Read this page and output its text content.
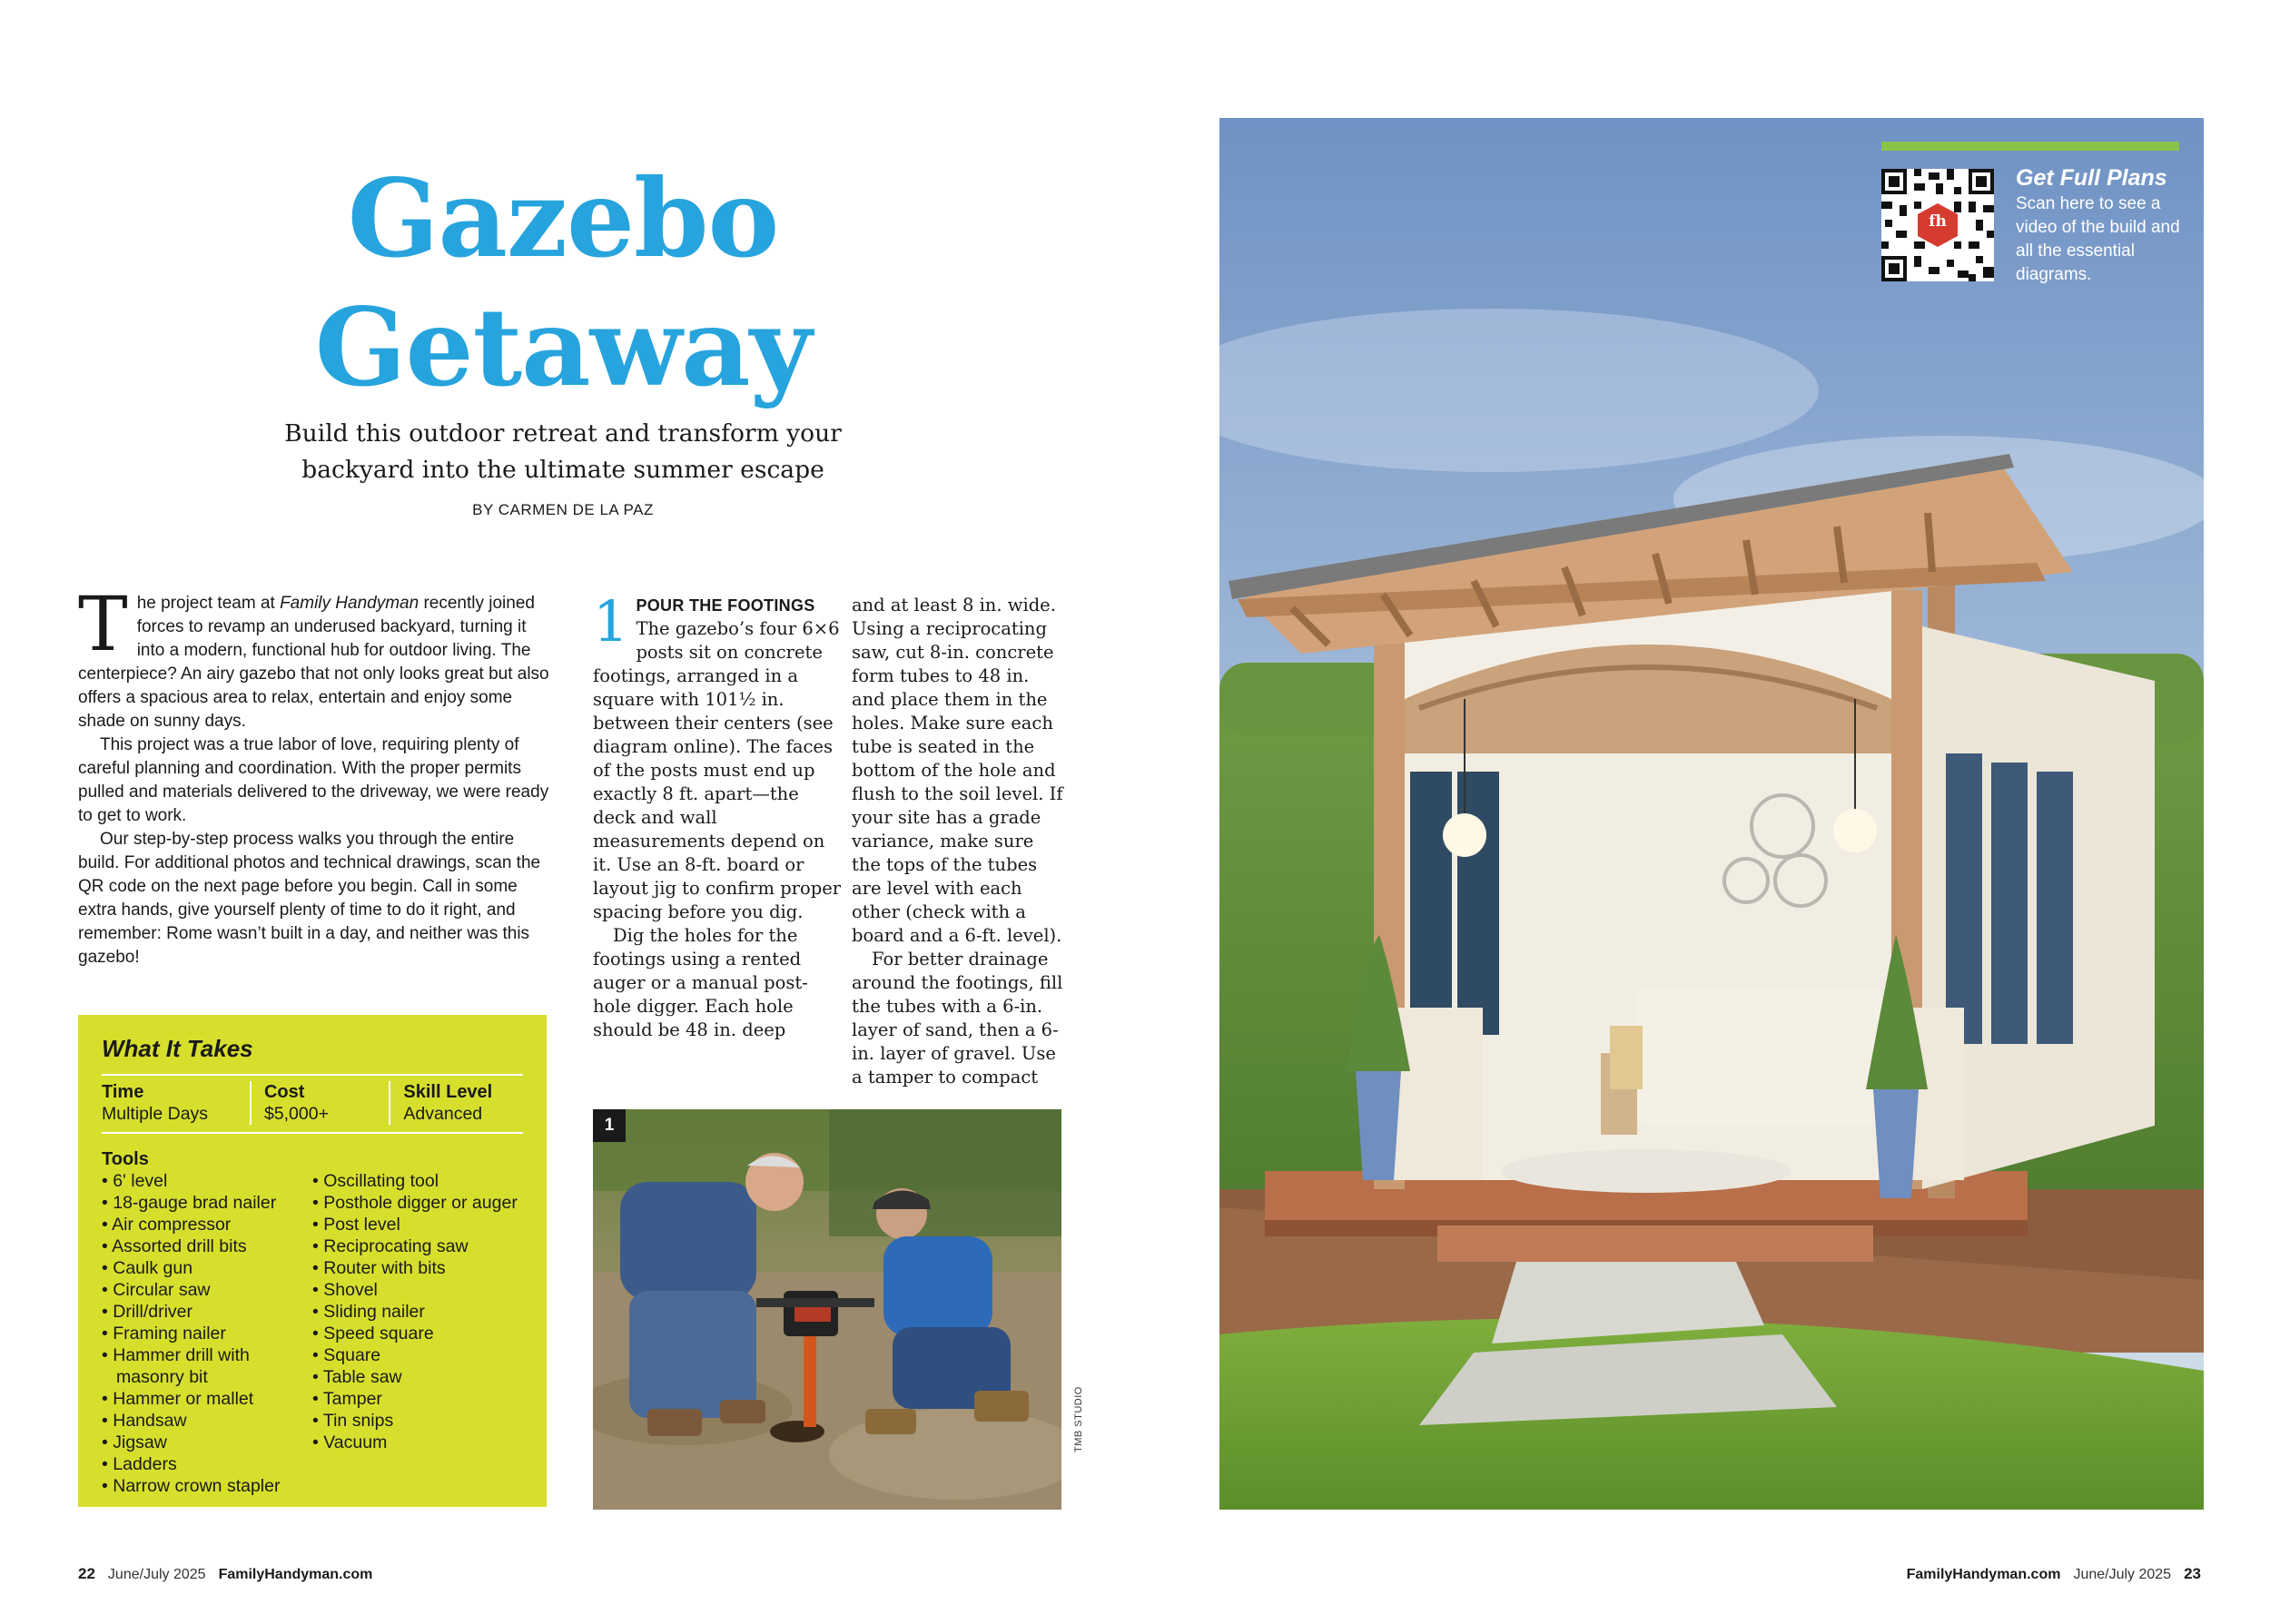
Gazebo
Getaway
Build this outdoor retreat and transform your
backyard into the ultimate summer escape
BY CARMEN DE LA PAZ

The project team at Family Handyman recently joined forces to revamp an underused backyard, turning it into a modern, functional hub for outdoor living. The centerpiece? An airy gazebo that not only looks great but also offers a spacious area to relax, entertain and enjoy some shade on sunny days.

This project was a true labor of love, requiring plenty of careful planning and coordination. With the proper permits pulled and materials delivered to the driveway, we were ready to get to work.

Our step-by-step process walks you through the entire build. For additional photos and technical drawings, scan the QR code on the next page before you begin. Call in some extra hands, give yourself plenty of time to do it right, and remember: Rome wasn’t built in a day, and neither was this gazebo!

What It Takes
Time
Multiple Days
Cost
$5,000+
Skill Level
Advanced
Tools
• 6' level
• 18-gauge brad nailer
• Air compressor
• Assorted drill bits
• Caulk gun
• Circular saw
• Drill/driver
• Framing nailer
• Hammer drill with masonry bit
• Hammer or mallet
• Handsaw
• Jigsaw
• Ladders
• Narrow crown stapler
• Oscillating tool
• Posthole digger or auger
• Post level
• Reciprocating saw
• Router with bits
• Shovel
• Sliding nailer
• Speed square
• Square
• Table saw
• Tamper
• Tin snips
• Vacuum

1 POUR THE FOOTINGS
The gazebo’s four 6×6 posts sit on concrete footings, arranged in a square with 101½ in. between their centers (see diagram online). The faces of the posts must end up exactly 8 ft. apart—the deck and wall measurements depend on it. Use an 8-ft. board or layout jig to confirm proper spacing before you dig.

Dig the holes for the footings using a rented auger or a manual post-hole digger. Each hole should be 48 in. deep

and at least 8 in. wide. Using a reciprocating saw, cut 8-in. concrete form tubes to 48 in. and place them in the holes. Make sure each tube is seated in the bottom of the hole and flush to the soil level. If your site has a grade variance, make sure the tops of the tubes are level with each other (check with a board and a 6-ft. level).

For better drainage around the footings, fill the tubes with a 6-in. layer of sand, then a 6-in. layer of gravel. Use a tamper to compact

1
TMB STUDIO
fh
Get Full Plans
Scan here to see a video of the build and all the essential diagrams.
22 June/July 2025 FamilyHandyman.com	FamilyHandyman.com June/July 2025 23
